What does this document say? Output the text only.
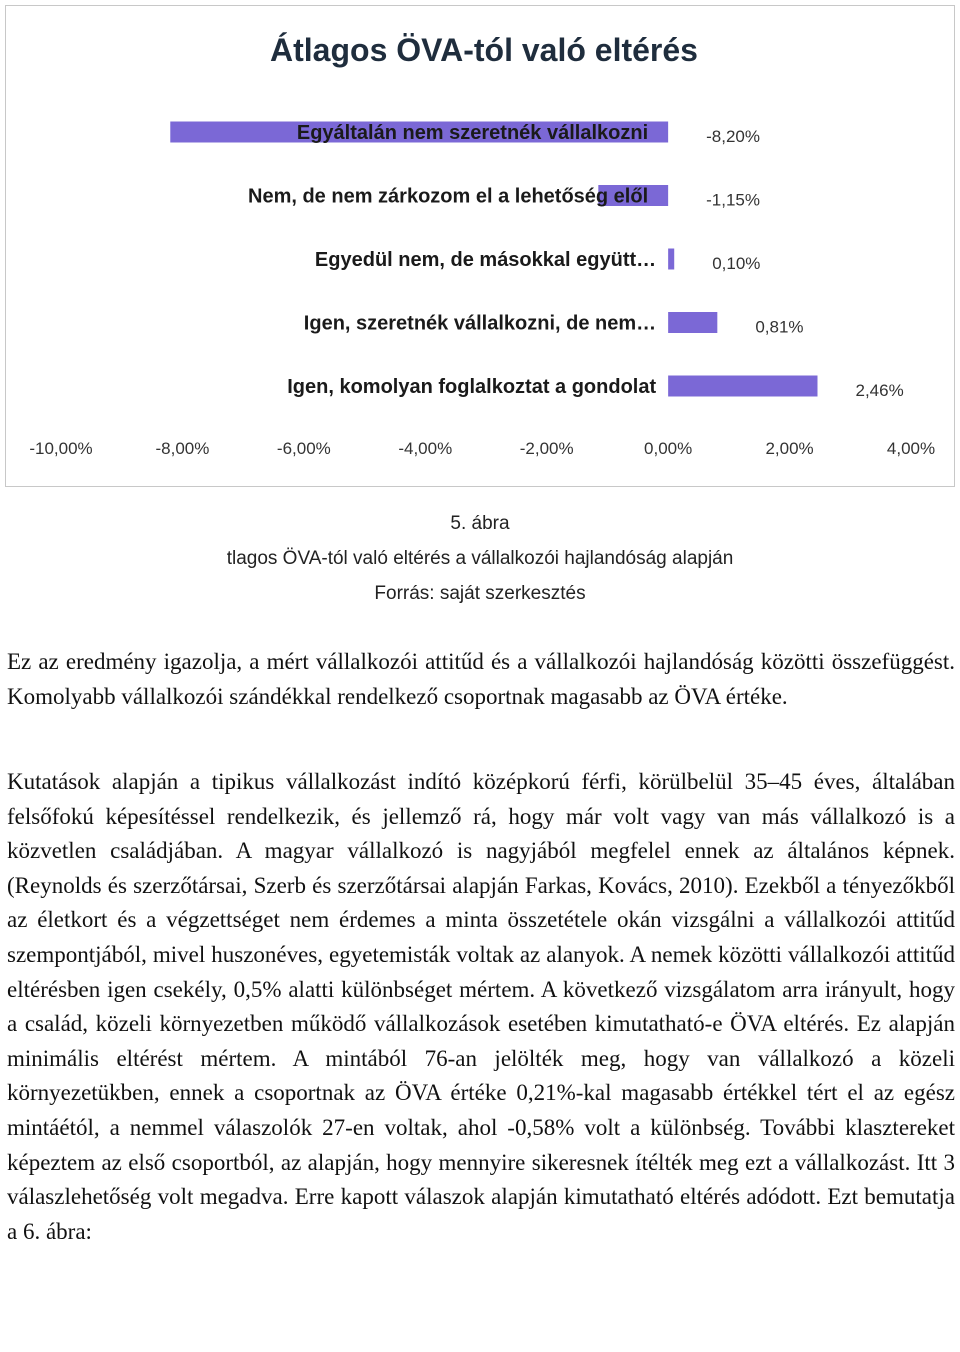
Átlagos ÖVA-tól való eltérés
Egyáltalán nem szeretnék vállalkozni	-8,20%
Nem, de nem zárkozom el a lehetőség elől	-1,15%
Egyedül nem, de másokkal együtt…	0,10%
Igen, szeretnék vállalkozni, de nem…	0,81%
Igen, komolyan foglalkoztat a gondolat	2,46%
-10,00%	-8,00%	-6,00%	-4,00%	-2,00%	0,00%	2,00%	4,00%
5. ábra
tlagos ÖVA-tól való eltérés a vállalkozói hajlandóság alapján
Forrás: saját szerkesztés

Ez az eredmény igazolja, a mért vállalkozói attitűd és a vállalkozói hajlandóság közötti összefüggést. Komolyabb vállalkozói szándékkal rendelkező csoportnak magasabb az ÖVA értéke.

Kutatások alapján a tipikus vállalkozást indító középkorú férfi, körülbelül 35–45 éves, általában felsőfokú képesítéssel rendelkezik, és jellemző rá, hogy már volt vagy van más vállalkozó is a közvetlen családjában. A magyar vállalkozó is nagyjából megfelel ennek az általános képnek. (Reynolds és szerzőtársai, Szerb és szerzőtársai alapján Farkas, Kovács, 2010). Ezekből a tényezőkből az életkort és a végzettséget nem érdemes a minta összetétele okán vizsgálni a vállalkozói attitűd szempontjából, mivel huszonéves, egyetemisták voltak az alanyok. A nemek közötti vállalkozói attitűd eltérésben igen csekély, 0,5% alatti különbséget mértem. A következő vizsgálatom arra irányult, hogy a család, közeli környezetben működő vállalkozások esetében kimutatható-e ÖVA eltérés. Ez alapján minimális eltérést mértem. A mintából 76-an jelölték meg, hogy van vállalkozó a közeli környezetükben, ennek a csoportnak az ÖVA értéke 0,21%-kal magasabb értékkel tért el az egész mintáétól, a nemmel válaszolók 27-en voltak, ahol -0,58% volt a különbség. További klasztereket képeztem az első csoportból, az alapján, hogy mennyire sikeresnek ítélték meg ezt a vállalkozást. Itt 3 válaszlehetőség volt megadva. Erre kapott válaszok alapján kimutatható eltérés adódott. Ezt bemutatja a 6. ábra:
